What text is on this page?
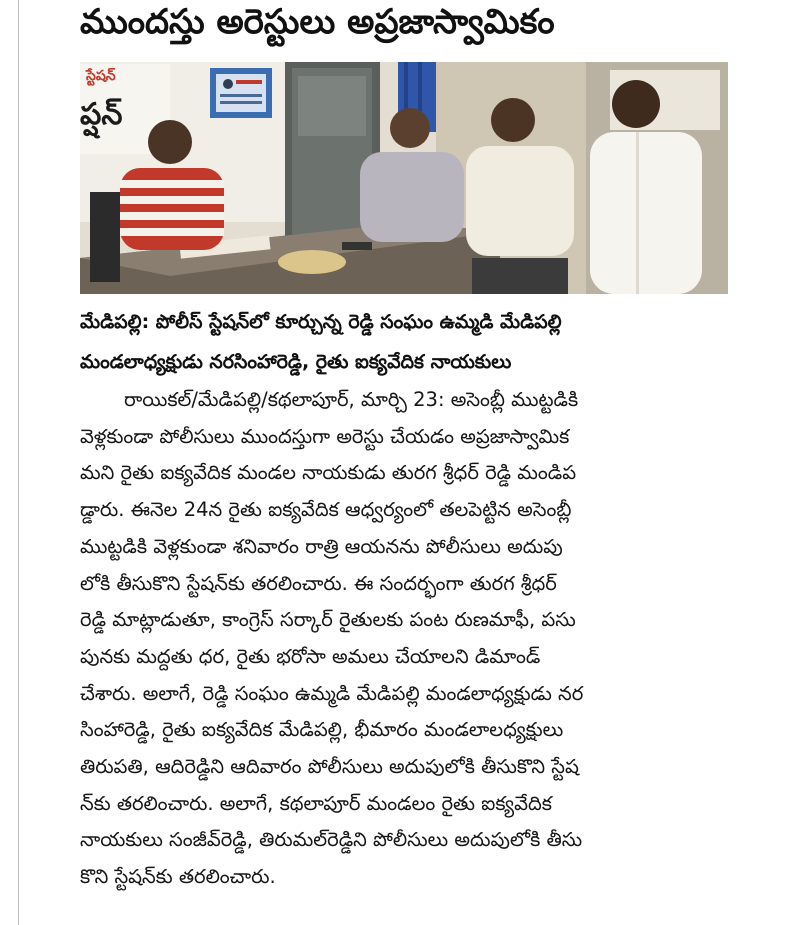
ముందస్తు అరెస్టులు అప్రజాస్వామికం
స్టేషన్
ప్షన్

మేడిపల్లి: పోలీస్ స్టేషన్‌లో కూర్చున్న రెడ్డి సంఘం ఉమ్మడి మేడిపల్లి

మండలాధ్యక్షుడు నరసింహారెడ్డి, రైతు ఐక్యవేదిక నాయకులు

రాయికల్/మేడిపల్లి/కథలాపూర్, మార్చి 23: అసెంబ్లీ ముట్టడికి

వెళ్లకుండా పోలీసులు ముందస్తుగా అరెస్టు చేయడం అప్రజాస్వామిక

మని రైతు ఐక్యవేదిక మండల నాయకుడు తురగ శ్రీధర్ రెడ్డి మండిప

డ్డారు. ఈనెల 24న రైతు ఐక్యవేదిక ఆధ్వర్యంలో తలపెట్టిన అసెంబ్లీ

ముట్టడికి వెళ్లకుండా శనివారం రాత్రి ఆయనను పోలీసులు అదుపు

లోకి తీసుకొని స్టేషన్‌కు తరలించారు. ఈ సందర్భంగా తురగ శ్రీధర్

రెడ్డి మాట్లాడుతూ, కాంగ్రెస్ సర్కార్ రైతులకు పంట రుణమాఫీ, పసు

పునకు మద్దతు ధర, రైతు భరోసా అమలు చేయాలని డిమాండ్

చేశారు. అలాగే, రెడ్డి సంఘం ఉమ్మడి మేడిపల్లి మండలాధ్యక్షుడు నర

సింహారెడ్డి, రైతు ఐక్యవేదిక మేడిపల్లి, భీమారం మండలాలధ్యక్షులు

తిరుపతి, ఆదిరెడ్డిని ఆదివారం పోలీసులు అదుపులోకి తీసుకొని స్టేష

న్‌కు తరలించారు. అలాగే, కథలాపూర్ మండలం రైతు ఐక్యవేదిక

నాయకులు సంజీవ్‌రెడ్డి, తిరుమల్‌రెడ్డిని పోలీసులు అదుపులోకి తీసు

కొని స్టేషన్‌కు తరలించారు.
